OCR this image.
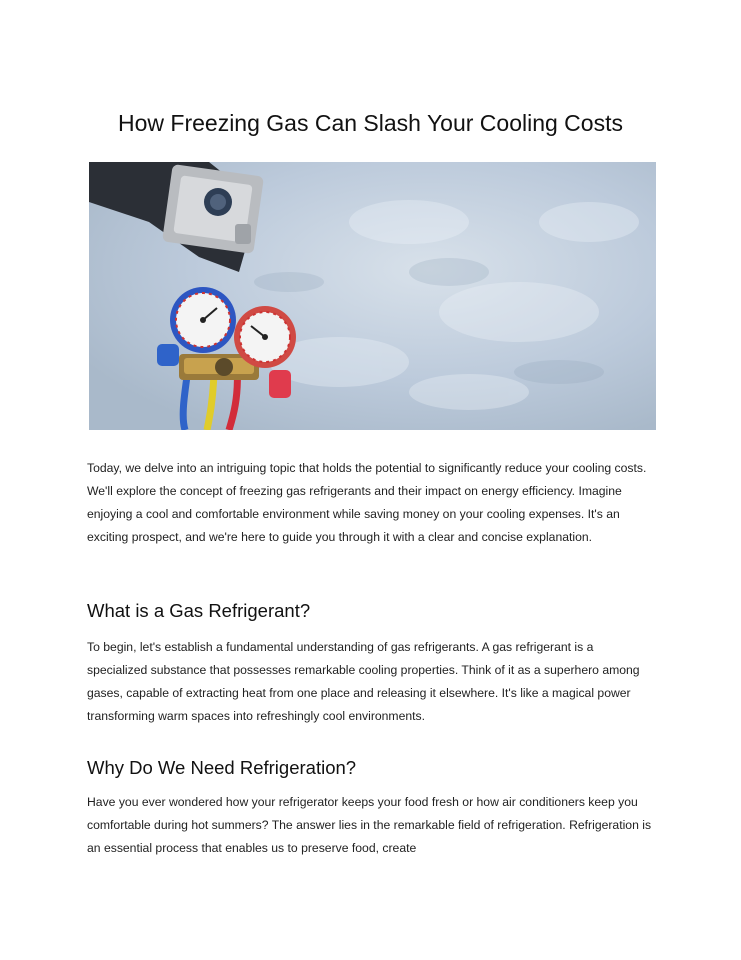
How Freezing Gas Can Slash Your Cooling Costs

Today, we delve into an intriguing topic that holds the potential to significantly reduce your cooling costs. We'll explore the concept of freezing gas refrigerants and their impact on energy efficiency. Imagine enjoying a cool and comfortable environment while saving money on your cooling expenses. It's an exciting prospect, and we're here to guide you through it with a clear and concise explanation.

What is a Gas Refrigerant?

To begin, let's establish a fundamental understanding of gas refrigerants. A gas refrigerant is a specialized substance that possesses remarkable cooling properties. Think of it as a superhero among gases, capable of extracting heat from one place and releasing it elsewhere. It's like a magical power transforming warm spaces into refreshingly cool environments.

Why Do We Need Refrigeration?

Have you ever wondered how your refrigerator keeps your food fresh or how air conditioners keep you comfortable during hot summers? The answer lies in the remarkable field of refrigeration. Refrigeration is an essential process that enables us to preserve food, create
